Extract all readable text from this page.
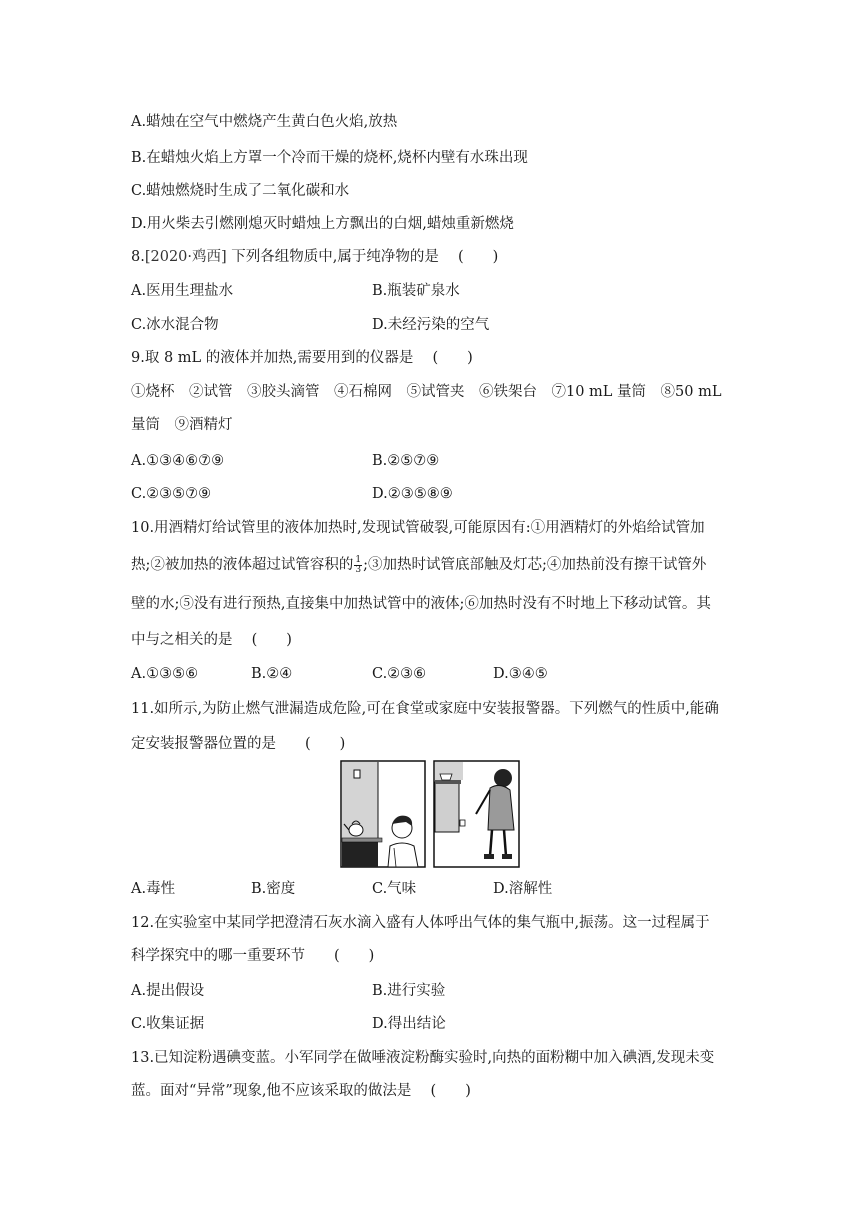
A.蜡烛在空气中燃烧产生黄白色火焰,放热
B.在蜡烛火焰上方罩一个冷而干燥的烧杯,烧杯内壁有水珠出现
C.蜡烛燃烧时生成了二氧化碳和水
D.用火柴去引燃刚熄灭时蜡烛上方飘出的白烟,蜡烛重新燃烧
8.[2020·鸡西] 下列各组物质中,属于纯净物的是　 (　　)
A.医用生理盐水	B.瓶装矿泉水
C.冰水混合物	D.未经污染的空气
9.取 8 mL 的液体并加热,需要用到的仪器是　 (　　)
①烧杯　②试管　③胶头滴管　④石棉网　⑤试管夹　⑥铁架台　⑦10 mL 量筒　⑧50 mL
量筒　⑨酒精灯
A.①③④⑥⑦⑨	B.②⑤⑦⑨
C.②③⑤⑦⑨	D.②③⑤⑧⑨
10.用酒精灯给试管里的液体加热时,发现试管破裂,可能原因有:①用酒精灯的外焰给试管加
热;②被加热的液体超过试管容积的 $\frac{1}{3}$ ;③加热时试管底部触及灯芯;④加热前没有擦干试管外
壁的水;⑤没有进行预热,直接集中加热试管中的液体;⑥加热时没有不时地上下移动试管。其
中与之相关的是　 (　　)
A.①③⑤⑥	B.②④	C.②③⑥	D.③④⑤
11.如所示,为防止燃气泄漏造成危险,可在食堂或家庭中安装报警器。下列燃气的性质中,能确
定安装报警器位置的是　　(　　)
A.毒性	B.密度	C.气味	D.溶解性
12.在实验室中某同学把澄清石灰水滴入盛有人体呼出气体的集气瓶中,振荡。这一过程属于
科学探究中的哪一重要环节　　(　　)
A.提出假设	B.进行实验
C.收集证据	D.得出结论
13.已知淀粉遇碘变蓝。小军同学在做唾液淀粉酶实验时,向热的面粉糊中加入碘酒,发现未变
蓝。面对“异常”现象,他不应该采取的做法是　 (　　)
